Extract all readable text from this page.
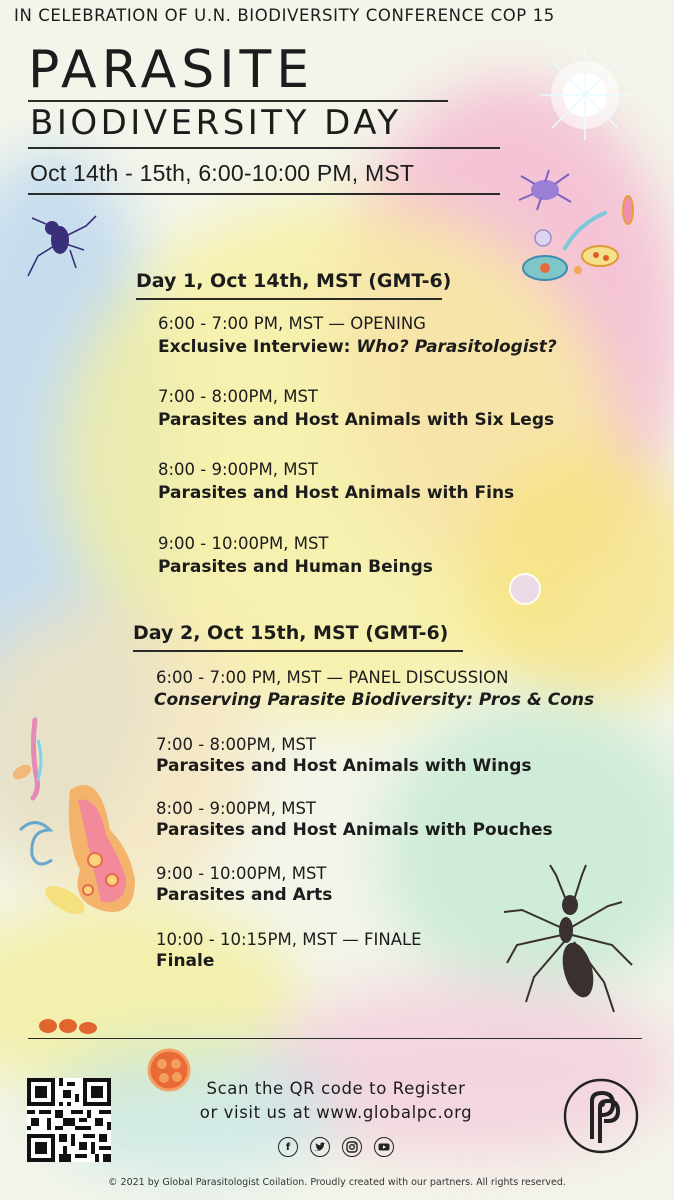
IN CELEBRATION OF U.N. BIODIVERSITY CONFERENCE COP 15
PARASITE
BIODIVERSITY DAY
Oct 14th - 15th, 6:00-10:00 PM, MST
Day 1, Oct 14th, MST (GMT-6)
6:00 - 7:00 PM, MST — OPENING
Exclusive Interview: Who? Parasitologist?
7:00 - 8:00PM, MST
Parasites and Host Animals with Six Legs
8:00 - 9:00PM, MST
Parasites and Host Animals with Fins
9:00 - 10:00PM, MST
Parasites and Human Beings
Day 2, Oct 15th, MST (GMT-6)
6:00 - 7:00 PM, MST — PANEL DISCUSSION
Conserving Parasite Biodiversity: Pros & Cons
7:00 - 8:00PM, MST
Parasites and Host Animals with Wings
8:00 - 9:00PM, MST
Parasites and Host Animals with Pouches
9:00 - 10:00PM, MST
Parasites and Arts
10:00 - 10:15PM, MST — FINALE
Finale
Scan the QR code to Register
or visit us at www.globalpc.org
f
© 2021 by Global Parasitologist Coilation. Proudly created with our partners. All rights reserved.
